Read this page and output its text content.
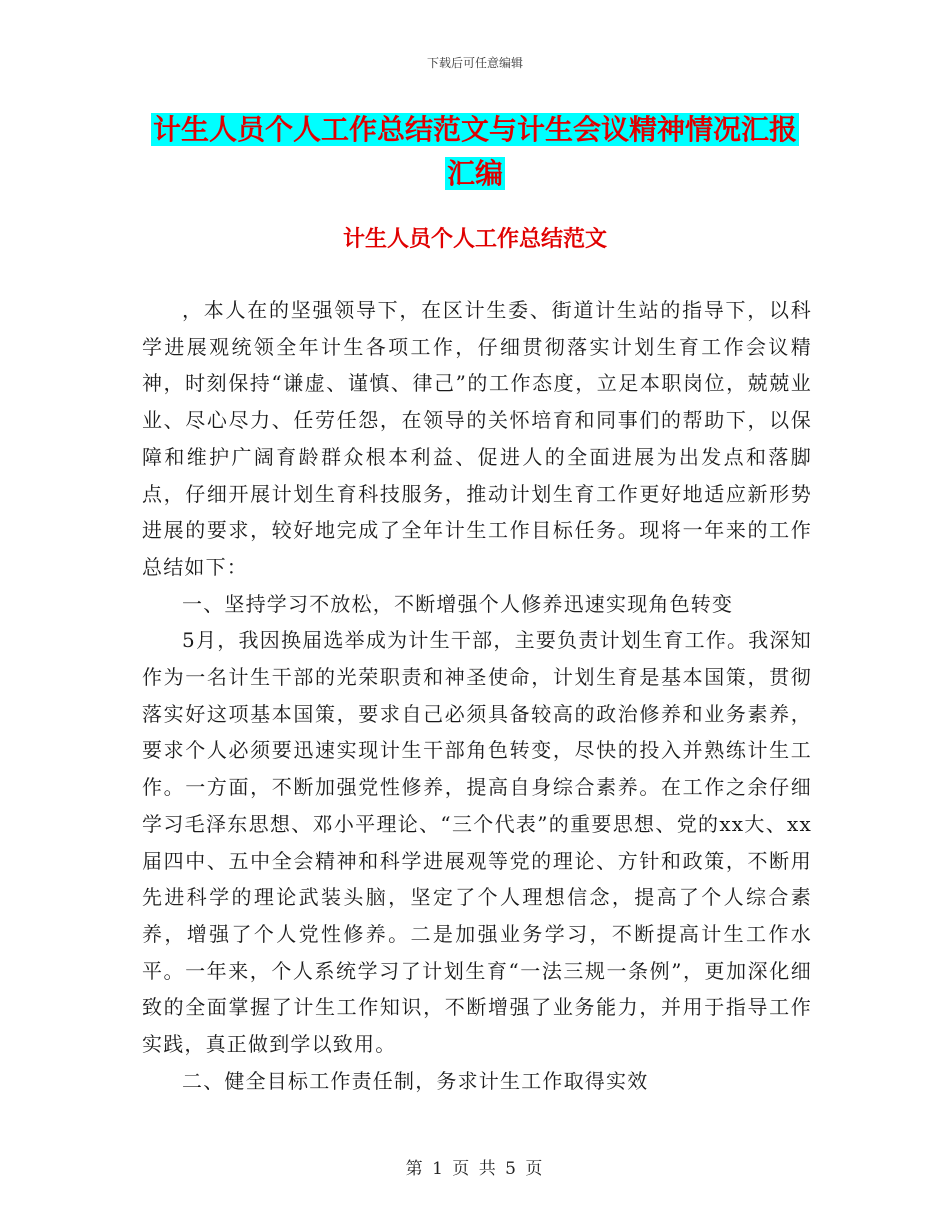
下载后可任意编辑
计生人员个人工作总结范文与计生会议精神情况汇报
汇编
计生人员个人工作总结范文

，本人在的坚强领导下，在区计生委、街道计生站的指导下，以科学进展观统领全年计生各项工作，仔细贯彻落实计划生育工作会议精神，时刻保持“谦虚、谨慎、律己”的工作态度，立足本职岗位，兢兢业业、尽心尽力、任劳任怨，在领导的关怀培育和同事们的帮助下，以保障和维护广阔育龄群众根本利益、促进人的全面进展为出发点和落脚点，仔细开展计划生育科技服务，推动计划生育工作更好地适应新形势进展的要求，较好地完成了全年计生工作目标任务。现将一年来的工作总结如下：

一、坚持学习不放松，不断增强个人修养迅速实现角色转变

5月，我因换届选举成为计生干部，主要负责计划生育工作。我深知作为一名计生干部的光荣职责和神圣使命，计划生育是基本国策，贯彻落实好这项基本国策，要求自己必须具备较高的政治修养和业务素养，要求个人必须要迅速实现计生干部角色转变，尽快的投入并熟练计生工作。一方面，不断加强党性修养，提高自身综合素养。在工作之余仔细学习毛泽东思想、邓小平理论、“三个代表”的重要思想、党的xx大、xx届四中、五中全会精神和科学进展观等党的理论、方针和政策，不断用先进科学的理论武装头脑，坚定了个人理想信念，提高了个人综合素养，增强了个人党性修养。二是加强业务学习，不断提高计生工作水平。一年来，个人系统学习了计划生育“一法三规一条例”，更加深化细致的全面掌握了计生工作知识，不断增强了业务能力，并用于指导工作实践，真正做到学以致用。

二、健全目标工作责任制，务求计生工作取得实效

第 1 页 共 5 页
